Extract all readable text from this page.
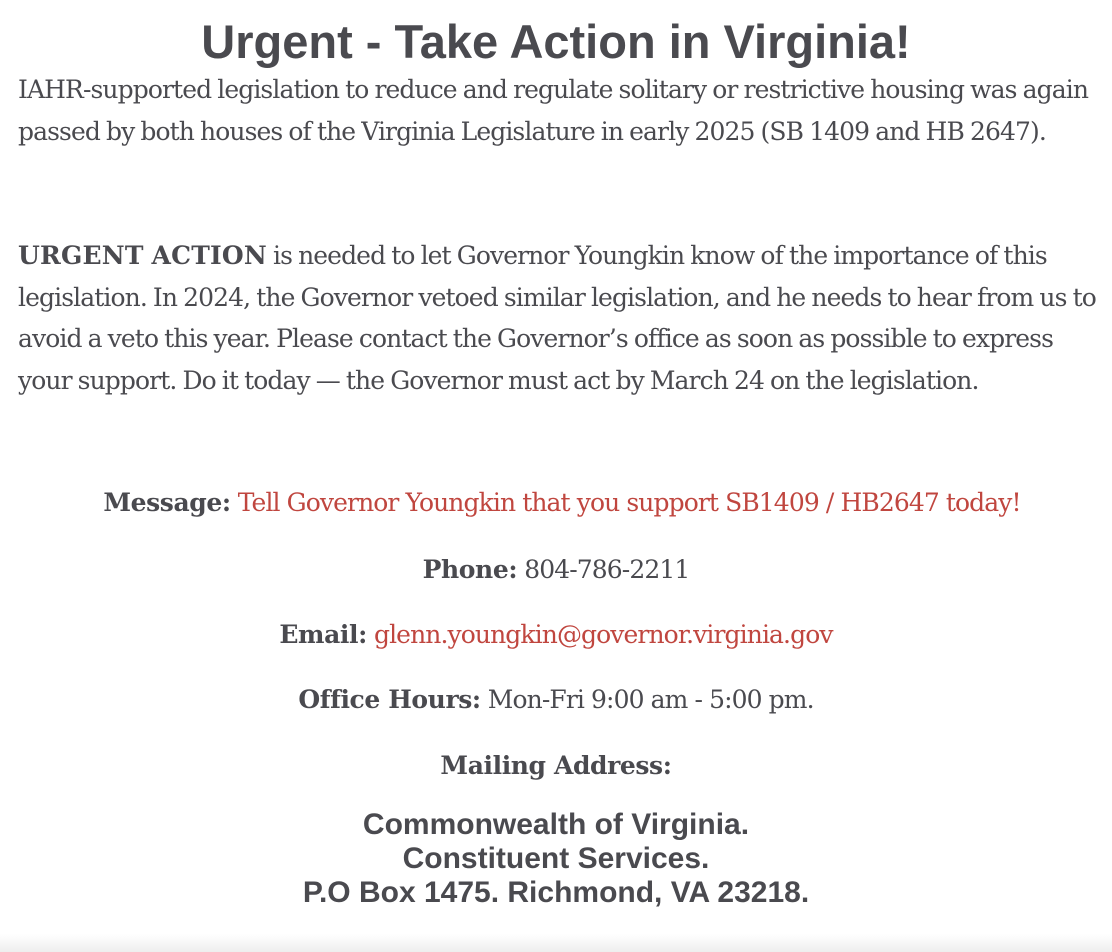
Urgent - Take Action in Virginia!

IAHR-supported legislation to reduce and regulate solitary or restrictive housing was again passed by both houses of the Virginia Legislature in early 2025 (SB 1409 and HB 2647).

URGENT ACTION is needed to let Governor Youngkin know of the importance of this legislation. In 2024, the Governor vetoed similar legislation, and he needs to hear from us to avoid a veto this year. Please contact the Governor’s office as soon as possible to express your support. Do it today — the Governor must act by March 24 on the legislation.

Message: Tell Governor Youngkin that you support SB1409 / HB2647 today!

Phone: 804-786-2211

Email: glenn.youngkin@governor.virginia.gov

Office Hours: Mon-Fri 9:00 am - 5:00 pm.

Mailing Address:

Commonwealth of Virginia.
Constituent Services.
P.O Box 1475. Richmond, VA 23218.
